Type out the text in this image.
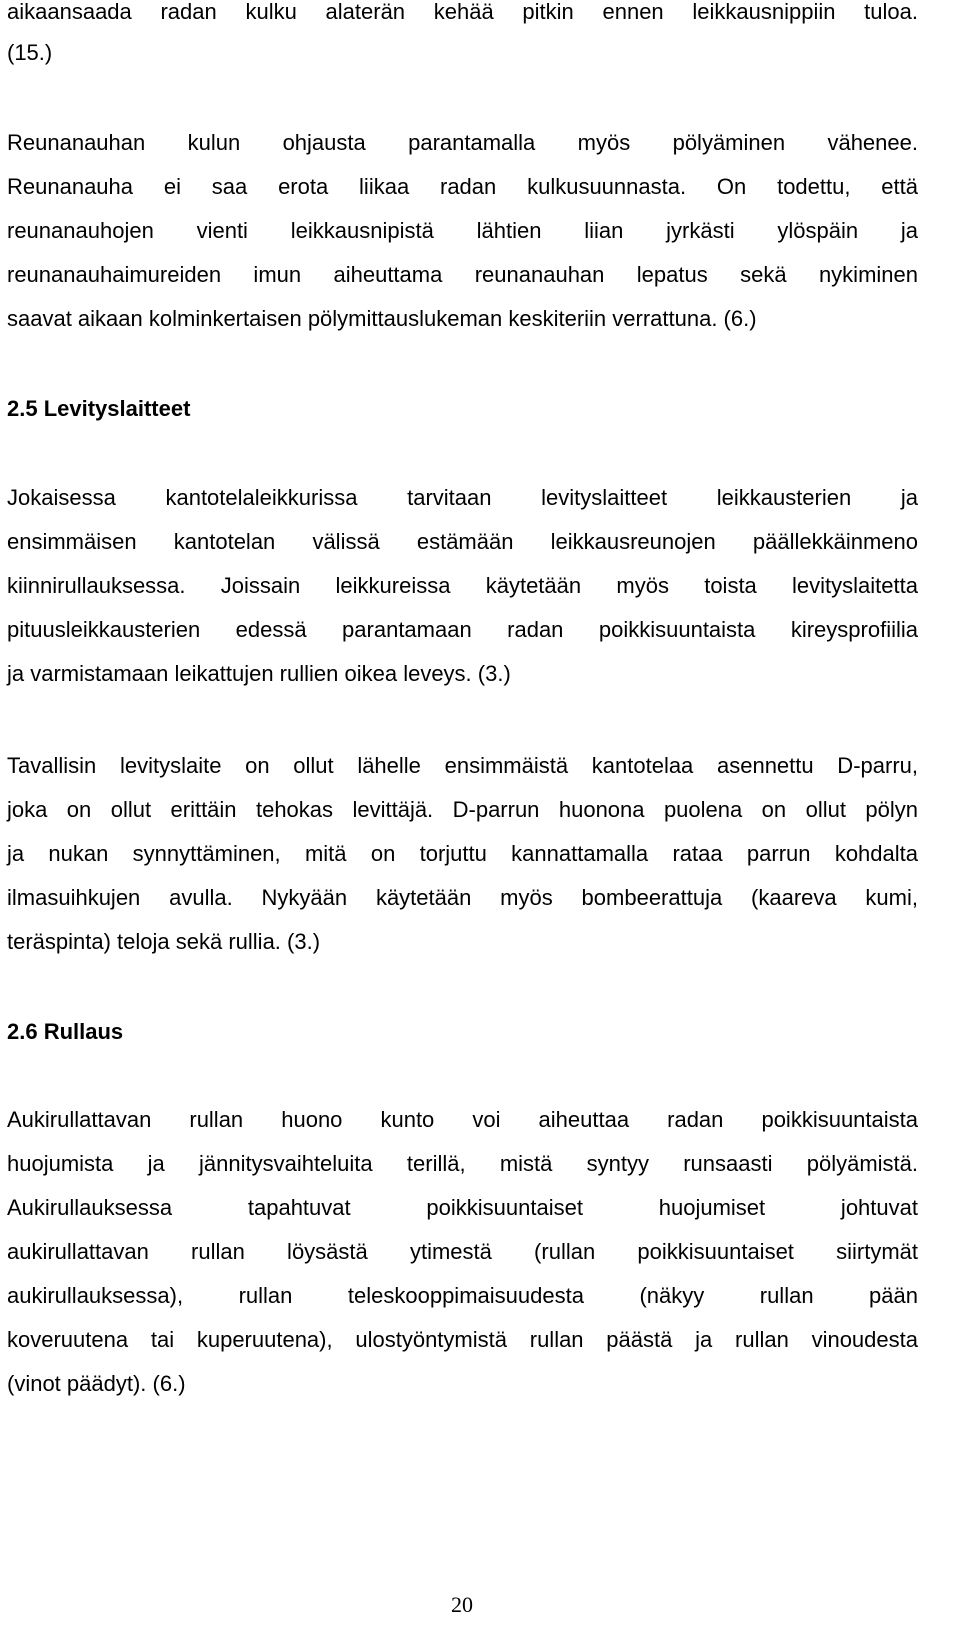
aikaansaada radan kulku alaterän kehää pitkin ennen leikkausnippiin tuloa.
(15.)
Reunanauhan kulun ohjausta parantamalla myös pölyäminen vähenee.
Reunanauha ei saa erota liikaa radan kulkusuunnasta. On todettu, että
reunanauhojen vienti leikkausnipistä lähtien liian jyrkästi ylöspäin ja
reunanauhaimureiden imun aiheuttama reunanauhan lepatus sekä nykiminen
saavat aikaan kolminkertaisen pölymittauslukeman keskiteriin verrattuna. (6.)
2.5 Levityslaitteet
Jokaisessa kantotelaleikkurissa tarvitaan levityslaitteet leikkausterien ja
ensimmäisen kantotelan välissä estämään leikkausreunojen päällekkäinmeno
kiinnirullauksessa. Joissain leikkureissa käytetään myös toista levityslaitetta
pituusleikkausterien edessä parantamaan radan poikkisuuntaista kireysprofiilia
ja varmistamaan leikattujen rullien oikea leveys. (3.)
Tavallisin levityslaite on ollut lähelle ensimmäistä kantotelaa asennettu D-parru,
joka on ollut erittäin tehokas levittäjä. D-parrun huonona puolena on ollut pölyn
ja nukan synnyttäminen, mitä on torjuttu kannattamalla rataa parrun kohdalta
ilmasuihkujen avulla. Nykyään käytetään myös bombeerattuja (kaareva kumi,
teräspinta) teloja sekä rullia. (3.)
2.6 Rullaus
Aukirullattavan rullan huono kunto voi aiheuttaa radan poikkisuuntaista
huojumista ja jännitysvaihteluita terillä, mistä syntyy runsaasti pölyämistä.
Aukirullauksessa tapahtuvat poikkisuuntaiset huojumiset johtuvat
aukirullattavan rullan löysästä ytimestä (rullan poikkisuuntaiset siirtymät
aukirullauksessa), rullan teleskooppimaisuudesta (näkyy rullan pään
koveruutena tai kuperuutena), ulostyöntymistä rullan päästä ja rullan vinoudesta
(vinot päädyt). (6.)
20
